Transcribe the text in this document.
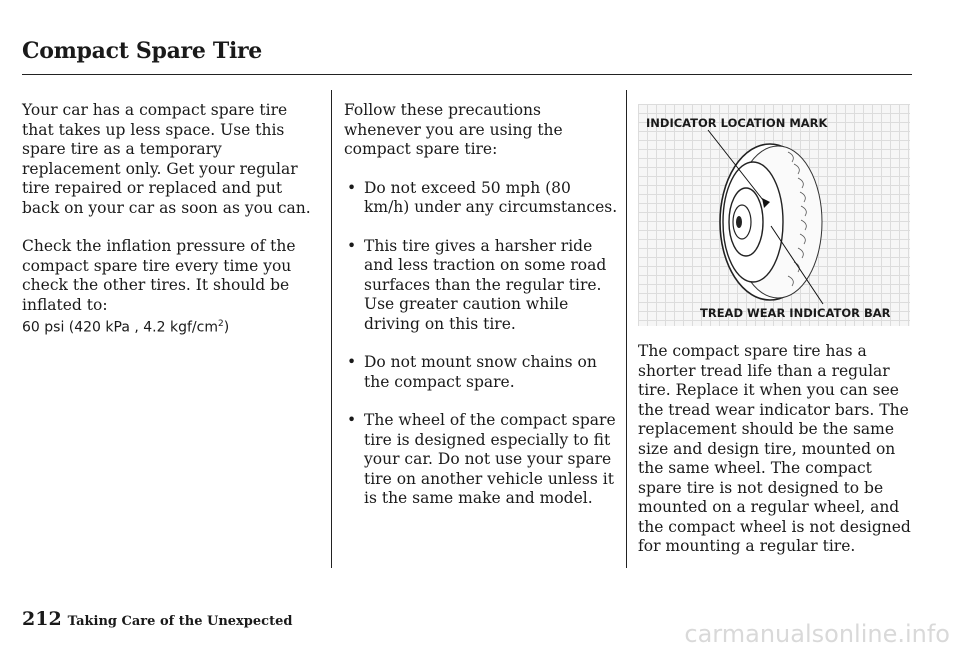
Compact Spare Tire

Your car has a compact spare tire that takes up less space. Use this spare tire as a temporary replacement only. Get your regular tire repaired or replaced and put back on your car as soon as you can.

Check the inflation pressure of the compact spare tire every time you check the other tires. It should be inflated to:

60 psi (420 kPa , 4.2 kgf/$cm^2$)

Follow these precautions whenever you are using the compact spare tire:

• Do not exceed 50 mph (80 km/h) under any circumstances.
• This tire gives a harsher ride and less traction on some road surfaces than the regular tire. Use greater caution while driving on this tire.
• Do not mount snow chains on the compact spare.
• The wheel of the compact spare tire is designed especially to fit your car. Do not use your spare tire on another vehicle unless it is the same make and model.
INDICATOR LOCATION MARK
TREAD WEAR INDICATOR BAR

The compact spare tire has a shorter tread life than a regular tire. Replace it when you can see the tread wear indicator bars. The replacement should be the same size and design tire, mounted on the same wheel. The compact spare tire is not designed to be mounted on a regular wheel, and the compact wheel is not designed for mounting a regular tire.

212 Taking Care of the Unexpected	carmanualsonline.info
